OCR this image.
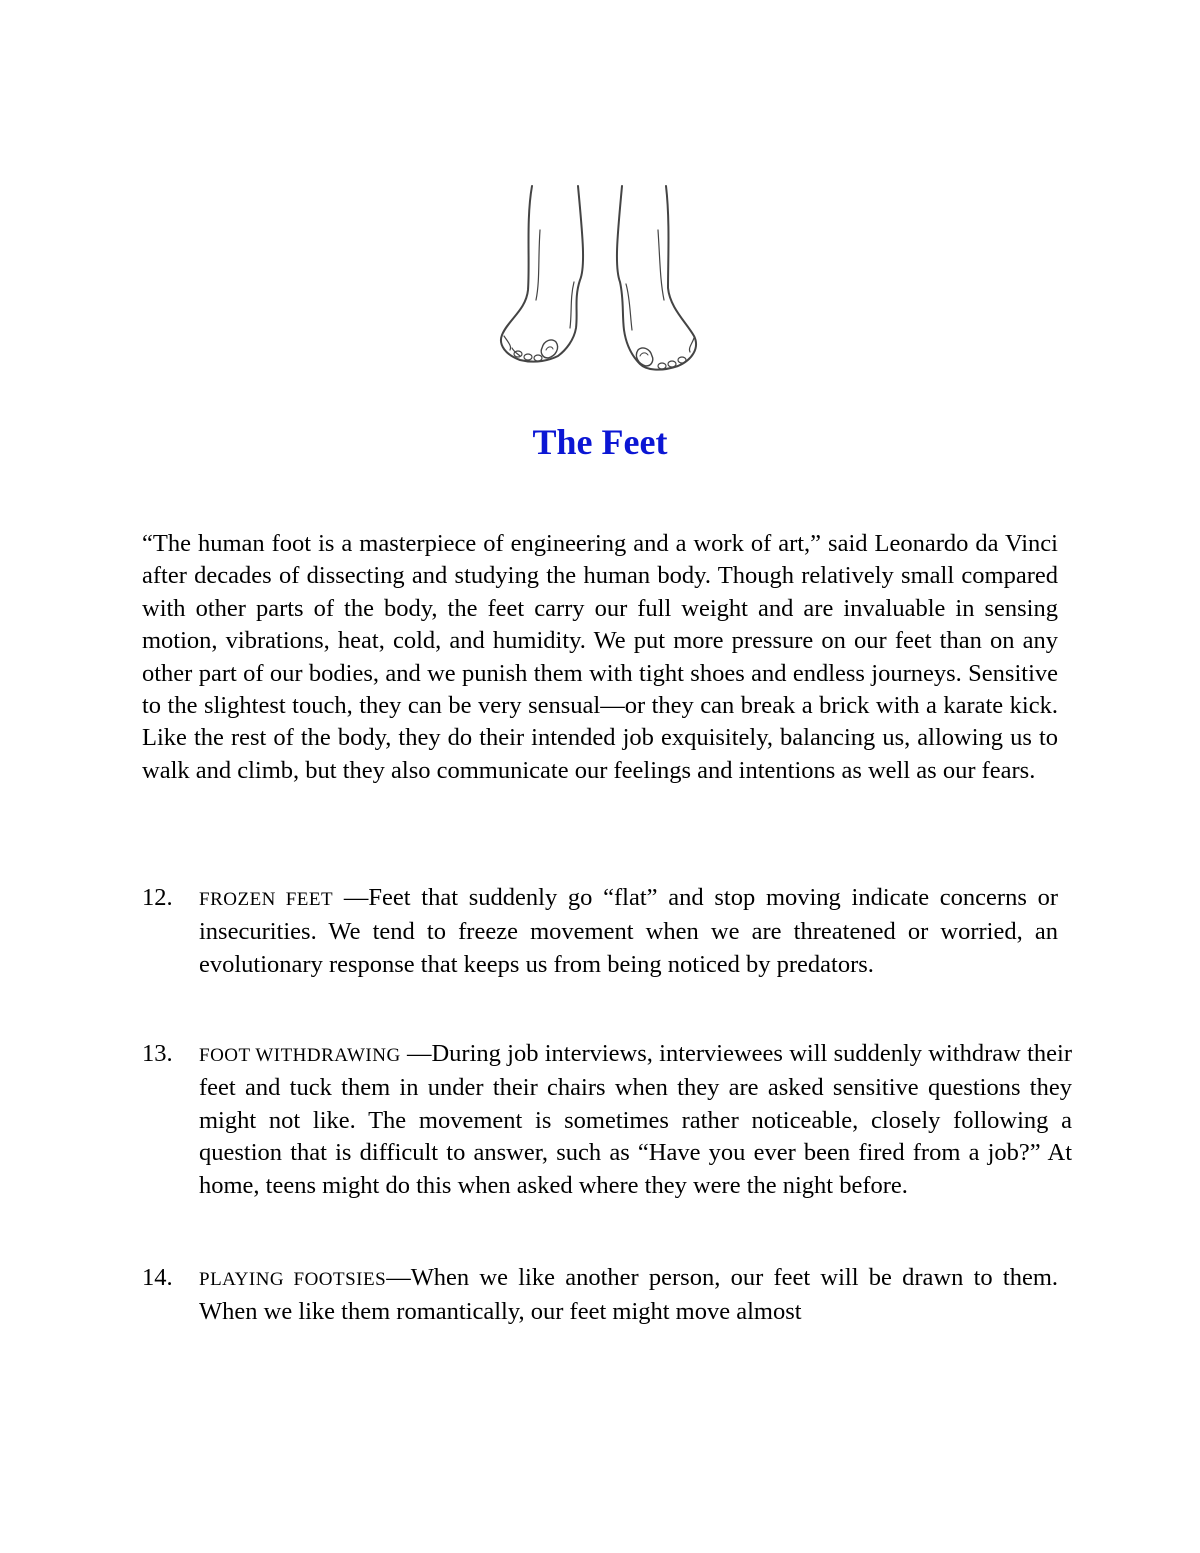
The Feet

“The human foot is a masterpiece of engineering and a work of art,” said Leonardo da Vinci after decades of dissecting and studying the human body. Though relatively small compared with other parts of the body, the feet carry our full weight and are invaluable in sensing motion, vibrations, heat, cold, and humidity. We put more pressure on our feet than on any other part of our bodies, and we punish them with tight shoes and endless journeys. Sensitive to the slightest touch, they can be very sensual—or they can break a brick with a karate kick. Like the rest of the body, they do their intended job exquisitely, balancing us, allowing us to walk and climb, but they also communicate our feelings and intentions as well as our fears.

12. FROZEN FEET —Feet that suddenly go “flat” and stop moving indicate concerns or insecurities. We tend to freeze movement when we are threatened or worried, an evolutionary response that keeps us from being noticed by predators.
13. FOOT WITHDRAWING —During job interviews, interviewees will suddenly withdraw their feet and tuck them in under their chairs when they are asked sensitive questions they might not like. The movement is sometimes rather noticeable, closely following a question that is difficult to answer, such as “Have you ever been fired from a job?” At home, teens might do this when asked where they were the night before.
14. PLAYING FOOTSIES—When we like another person, our feet will be drawn to them. When we like them romantically, our feet might move almost
